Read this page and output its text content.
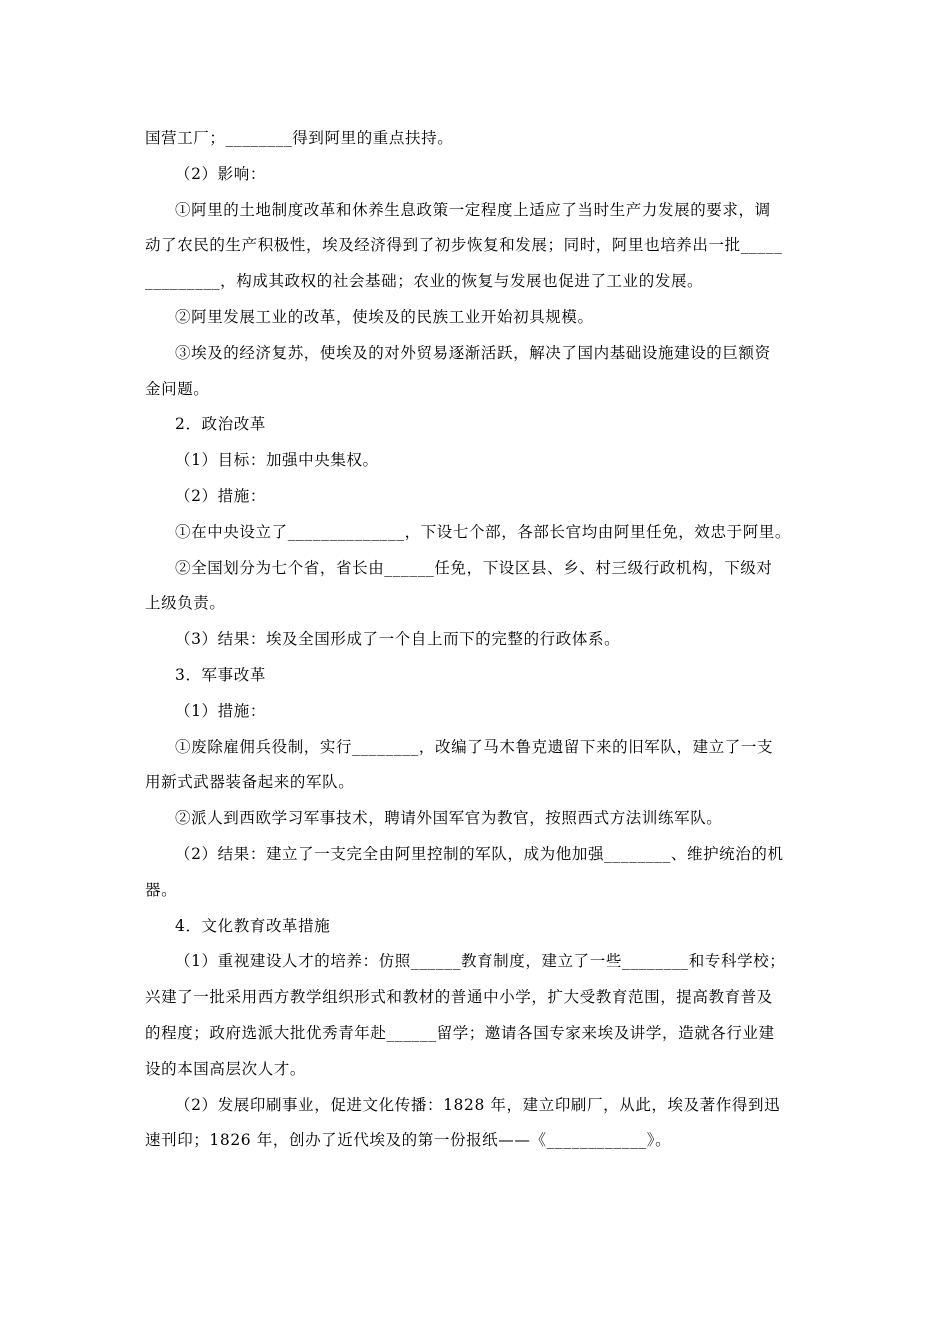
国营工厂；________得到阿里的重点扶持。
（2）影响：
①阿里的土地制度改革和休养生息政策一定程度上适应了当时生产力发展的要求，调
动了农民的生产积极性，埃及经济得到了初步恢复和发展；同时，阿里也培养出一批_____
_________，构成其政权的社会基础；农业的恢复与发展也促进了工业的发展。
②阿里发展工业的改革，使埃及的民族工业开始初具规模。
③埃及的经济复苏，使埃及的对外贸易逐渐活跃，解决了国内基础设施建设的巨额资
金问题。
2．政治改革
（1）目标：加强中央集权。
（2）措施：
①在中央设立了______________，下设七个部，各部长官均由阿里任免，效忠于阿里。
②全国划分为七个省，省长由______任免，下设区县、乡、村三级行政机构，下级对
上级负责。
（3）结果：埃及全国形成了一个自上而下的完整的行政体系。
3．军事改革
（1）措施：
①废除雇佣兵役制，实行________，改编了马木鲁克遗留下来的旧军队，建立了一支
用新式武器装备起来的军队。
②派人到西欧学习军事技术，聘请外国军官为教官，按照西式方法训练军队。
（2）结果：建立了一支完全由阿里控制的军队，成为他加强________、维护统治的机
器。
4．文化教育改革措施
（1）重视建设人才的培养：仿照______教育制度，建立了一些________和专科学校；
兴建了一批采用西方教学组织形式和教材的普通中小学，扩大受教育范围，提高教育普及
的程度；政府选派大批优秀青年赴______留学；邀请各国专家来埃及讲学，造就各行业建
设的本国高层次人才。
（2）发展印刷事业，促进文化传播：1828 年，建立印刷厂，从此，埃及著作得到迅
速刊印；1826 年，创办了近代埃及的第一份报纸——《____________》。
